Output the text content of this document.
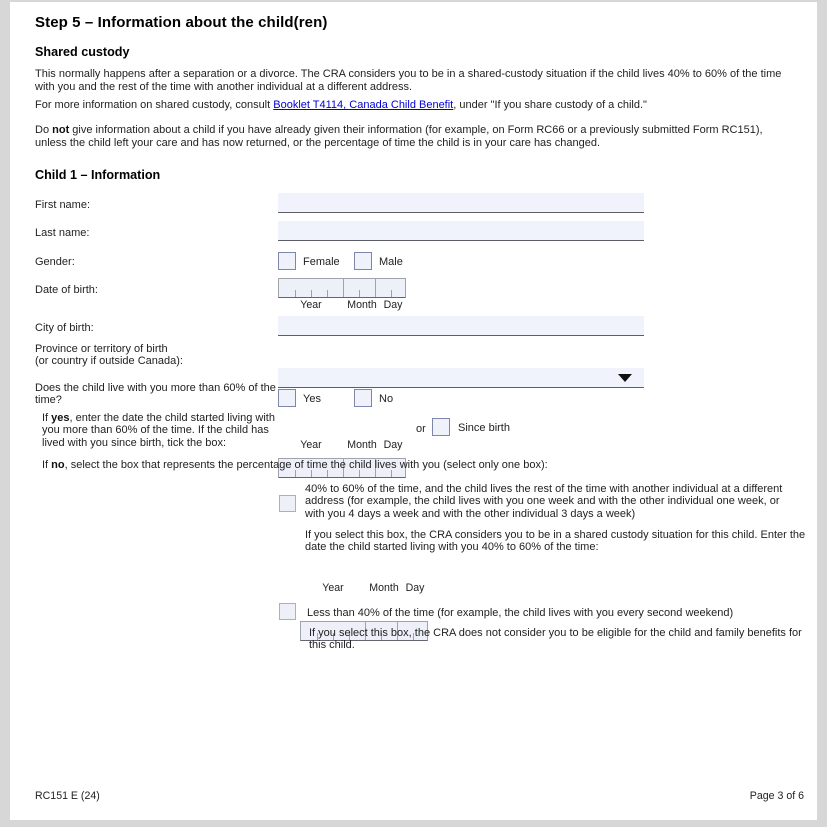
Step 5 – Information about the child(ren)
Shared custody
This normally happens after a separation or a divorce. The CRA considers you to be in a shared-custody situation if the child lives 40% to 60% of the time with you and the rest of the time with another individual at a different address.
For more information on shared custody, consult Booklet T4114, Canada Child Benefit, under "If you share custody of a child."
Do not give information about a child if you have already given their information (for example, on Form RC66 or a previously submitted Form RC151), unless the child left your care and has now returned, or the percentage of time the child is in your care has changed.
Child 1 – Information
First name:
Last name:
Gender:	Female	Male
Date of birth:
Year	Month Day
City of birth:
Province or territory of birth
(or country if outside Canada):
Does the child live with you more than 60% of the time?	Yes	No
If yes, enter the date the child started living with you more than 60% of the time. If the child has lived with you since birth, tick the box:	Year	Month Day
or	Since birth
If no, select the box that represents the percentage of time the child lives with you (select only one box):
40% to 60% of the time, and the child lives the rest of the time with another individual at a different address (for example, the child lives with you one week and with the other individual one week, or with you 4 days a week and with the other individual 3 days a week)
If you select this box, the CRA considers you to be in a shared custody situation for this child. Enter the date the child started living with you 40% to 60% of the time:
Year	Month Day
Less than 40% of the time (for example, the child lives with you every second weekend)
If you select this box, the CRA does not consider you to be eligible for the child and family benefits for this child.
RC151 E (24)	Page 3 of 6
